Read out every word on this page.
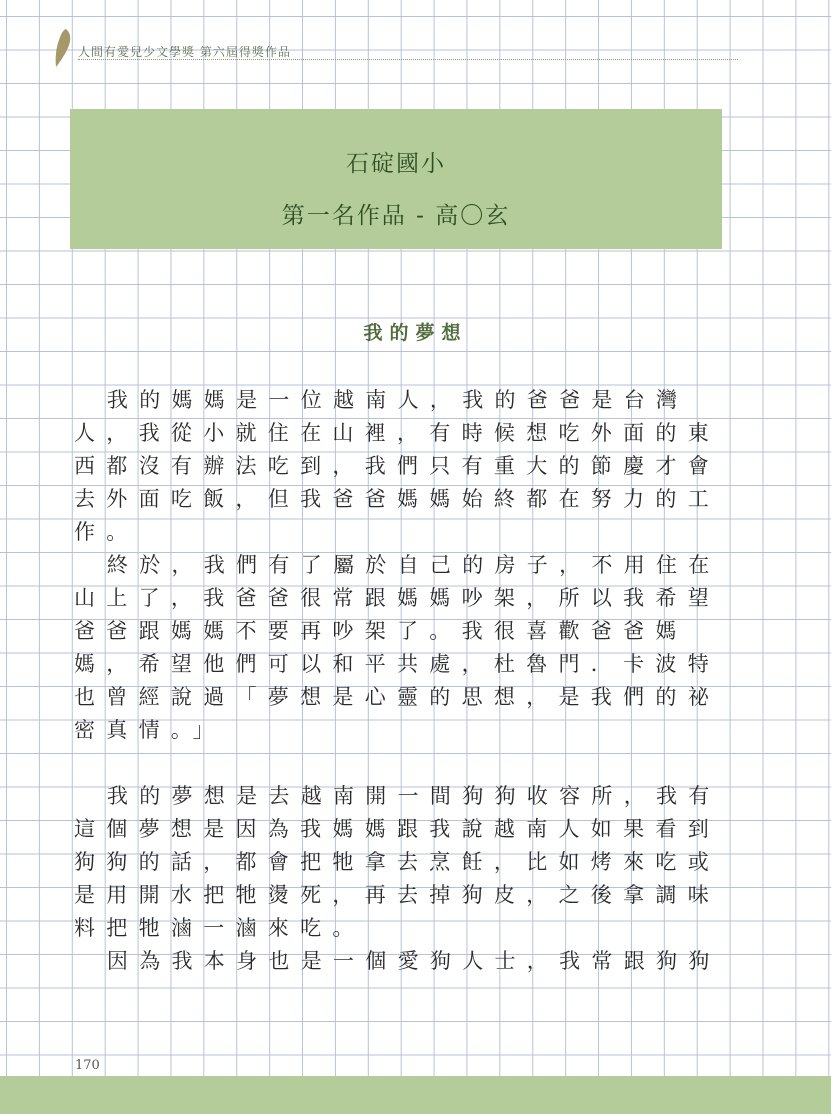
人間有愛兒少文學獎 第六屆得獎作品
石碇國小
第一名作品 - 高〇玄
我的夢想

我的媽媽是一位越南人，我的爸爸是台灣人，我從小就住在山裡，有時候想吃外面的東西都沒有辦法吃到，我們只有重大的節慶才會去外面吃飯，但我爸爸媽媽始終都在努力的工作。

終於，我們有了屬於自己的房子，不用住在山上了，我爸爸很常跟媽媽吵架，所以我希望爸爸跟媽媽不要再吵架了。我很喜歡爸爸媽媽，希望他們可以和平共處，杜魯門．卡波特也曾經說過「夢想是心靈的思想，是我們的祕密真情。」

我的夢想是去越南開一間狗狗收容所，我有這個夢想是因為我媽媽跟我說越南人如果看到狗狗的話，都會把牠拿去烹飪，比如烤來吃或是用開水把牠燙死，再去掉狗皮，之後拿調味料把牠滷一滷來吃。

因為我本身也是一個愛狗人士，我常跟狗狗

170
